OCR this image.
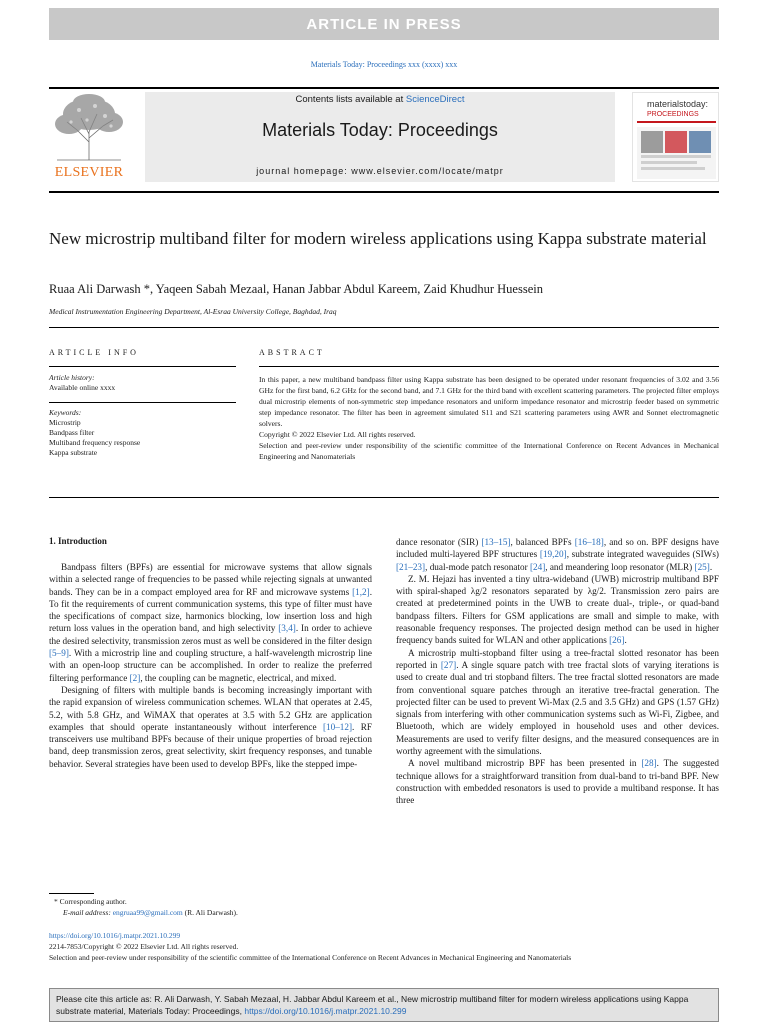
ARTICLE IN PRESS
Materials Today: Proceedings xxx (xxxx) xxx
ELSEVIER
Contents lists available at ScienceDirect
Materials Today: Proceedings
journal homepage: www.elsevier.com/locate/matpr
materialstoday:
PROCEEDINGS
New microstrip multiband filter for modern wireless applications using Kappa substrate material
Ruaa Ali Darwash *, Yaqeen Sabah Mezaal, Hanan Jabbar Abdul Kareem, Zaid Khudhur Huessein
Medical Instrumentation Engineering Department, Al-Esraa University College, Baghdad, Iraq
ARTICLE INFO
Article history:
Available online xxxx
Keywords:
Microstrip
Bandpass filter
Multiband frequency response
Kappa substrate
ABSTRACT

In this paper, a new multiband bandpass filter using Kappa substrate has been designed to be operated under resonant frequencies of 3.02 and 3.56 GHz for the first band, 6.2 GHz for the second band, and 7.1 GHz for the third band with excellent scattering parameters. The projected filter employs dual microstrip elements of non-symmetric step impedance resonators and uniform impedance resonator and microstrip feeder based on symmetric step impedance resonator. The filter has been in agreement simulated S11 and S21 scattering parameters using AWR and Sonnet electromagnetic solvers.

Copyright © 2022 Elsevier Ltd. All rights reserved.

Selection and peer-review under responsibility of the scientific committee of the International Conference on Recent Advances in Mechanical Engineering and Nanomaterials

1. Introduction

Bandpass filters (BPFs) are essential for microwave systems that allow signals within a selected range of frequencies to be passed while rejecting signals at unwanted bands. They can be in a compact employed area for RF and microwave systems [1,2]. To fit the requirements of current communication systems, this type of filter must have the specifications of compact size, harmonics blocking, low insertion loss and high return loss values in the operation band, and high selectivity [3,4]. In order to achieve the desired selectivity, transmission zeros must as well be considered in the filter design [5–9]. With a microstrip line and coupling structure, a half-wavelength microstrip line with an open-loop structure can be accomplished. In order to realize the preferred filtering performance [2], the coupling can be magnetic, electrical, and mixed.

Designing of filters with multiple bands is becoming increasingly important with the rapid expansion of wireless communication schemes. WLAN that operates at 2.45, 5.2, with 5.8 GHz, and WiMAX that operates at 3.5 with 5.2 GHz are application examples that should operate instantaneously without interference [10–12]. RF transceivers use multiband BPFs because of their unique properties of broad rejection band, deep transmission zeros, great selectivity, skirt frequency responses, and tunable behavior. Several strategies have been used to develop BPFs, like the stepped impe-

dance resonator (SIR) [13–15], balanced BPFs [16–18], and so on. BPF designs have included multi-layered BPF structures [19,20], substrate integrated waveguides (SIWs) [21–23], dual-mode patch resonator [24], and meandering loop resonator (MLR) [25].

Z. M. Hejazi has invented a tiny ultra-wideband (UWB) microstrip multiband BPF with spiral-shaped λg/2 resonators separated by λg/2. Transmission zero pairs are created at predetermined points in the UWB to create dual-, triple-, or quad-band bandpass filters. Filters for GSM applications are small and simple to make, with reasonable frequency responses. The projected design method can be used in higher frequency bands suited for WLAN and other applications [26].

A microstrip multi-stopband filter using a tree-fractal slotted resonator has been reported in [27]. A single square patch with tree fractal slots of varying iterations is used to create dual and tri stopband filters. The tree fractal slotted resonators are made from conventional square patches through an iterative tree-fractal generation. The projected filter can be used to prevent Wi-Max (2.5 and 3.5 GHz) and GPS (1.57 GHz) signals from interfering with other communication systems such as Wi-Fi, Zigbee, and Bluetooth, which are widely employed in household uses and other devices. Measurements are used to verify filter designs, and the measured consequences are in worthy agreement with the simulations.

A novel multiband microstrip BPF has been presented in [28]. The suggested technique allows for a straightforward transition from dual-band to tri-band BPF. New construction with embedded resonators is used to provide a multiband response. It has three

* Corresponding author.
E-mail address: engruaa99@gmail.com (R. Ali Darwash).
https://doi.org/10.1016/j.matpr.2021.10.299
2214-7853/Copyright © 2022 Elsevier Ltd. All rights reserved.
Selection and peer-review under responsibility of the scientific committee of the International Conference on Recent Advances in Mechanical Engineering and Nanomaterials
Please cite this article as: R. Ali Darwash, Y. Sabah Mezaal, H. Jabbar Abdul Kareem et al., New microstrip multiband filter for modern wireless applications using Kappa substrate material, Materials Today: Proceedings, https://doi.org/10.1016/j.matpr.2021.10.299
